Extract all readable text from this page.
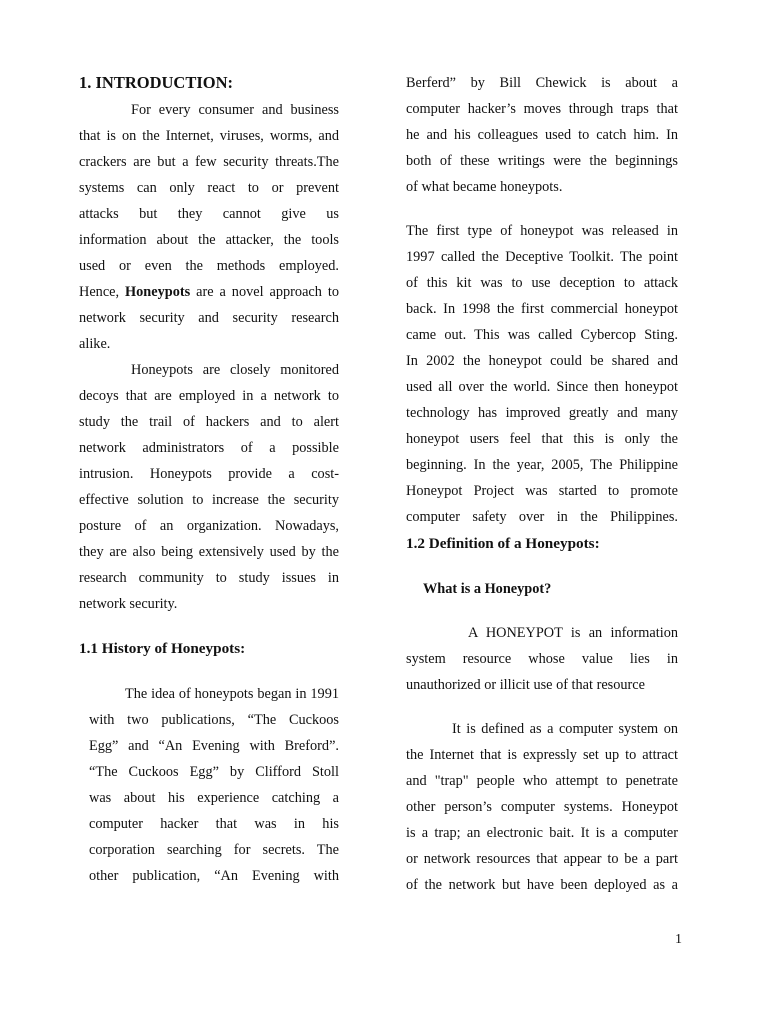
1. INTRODUCTION:
For every consumer and business
that is on the Internet, viruses, worms, and
crackers are but a few security threats.The
systems can only react to or prevent
attacks but they cannot give us
information about the attacker, the tools
used or even the methods employed.
Hence, Honeypots are a novel approach to
network security and security research
alike.
Honeypots are closely monitored
decoys that are employed in a network to
study the trail of hackers and to alert
network administrators of a possible
intrusion. Honeypots provide a cost-
effective solution to increase the security
posture of an organization. Nowadays,
they are also being extensively used by the
research community to study issues in
network security.
1.1 History of Honeypots:
The idea of honeypots began in 1991
with two publications, “The Cuckoos
Egg” and “An Evening with Breford”.
“The Cuckoos Egg” by Clifford Stoll
was about his experience catching a
computer hacker that was in his
corporation searching for secrets. The
other publication, “An Evening with
Berferd” by Bill Chewick is about a
computer hacker’s moves through traps that
he and his colleagues used to catch him. In
both of these writings were the beginnings
of what became honeypots.
The first type of honeypot was released in
1997 called the Deceptive Toolkit. The point
of this kit was to use deception to attack
back. In 1998 the first commercial honeypot
came out. This was called Cybercop Sting.
In 2002 the honeypot could be shared and
used all over the world. Since then honeypot
technology has improved greatly and many
honeypot users feel that this is only the
beginning. In the year, 2005, The Philippine
Honeypot Project was started to promote
computer safety over in the Philippines.
1.2 Definition of a Honeypots:
What is a Honeypot?
A HONEYPOT is an information
system resource whose value lies in
unauthorized or illicit use of that resource
It is defined as a computer system on
the Internet that is expressly set up to attract
and "trap" people who attempt to penetrate
other person’s computer systems. Honeypot
is a trap; an electronic bait. It is a computer
or network resources that appear to be a part
of the network but have been deployed as a
1
